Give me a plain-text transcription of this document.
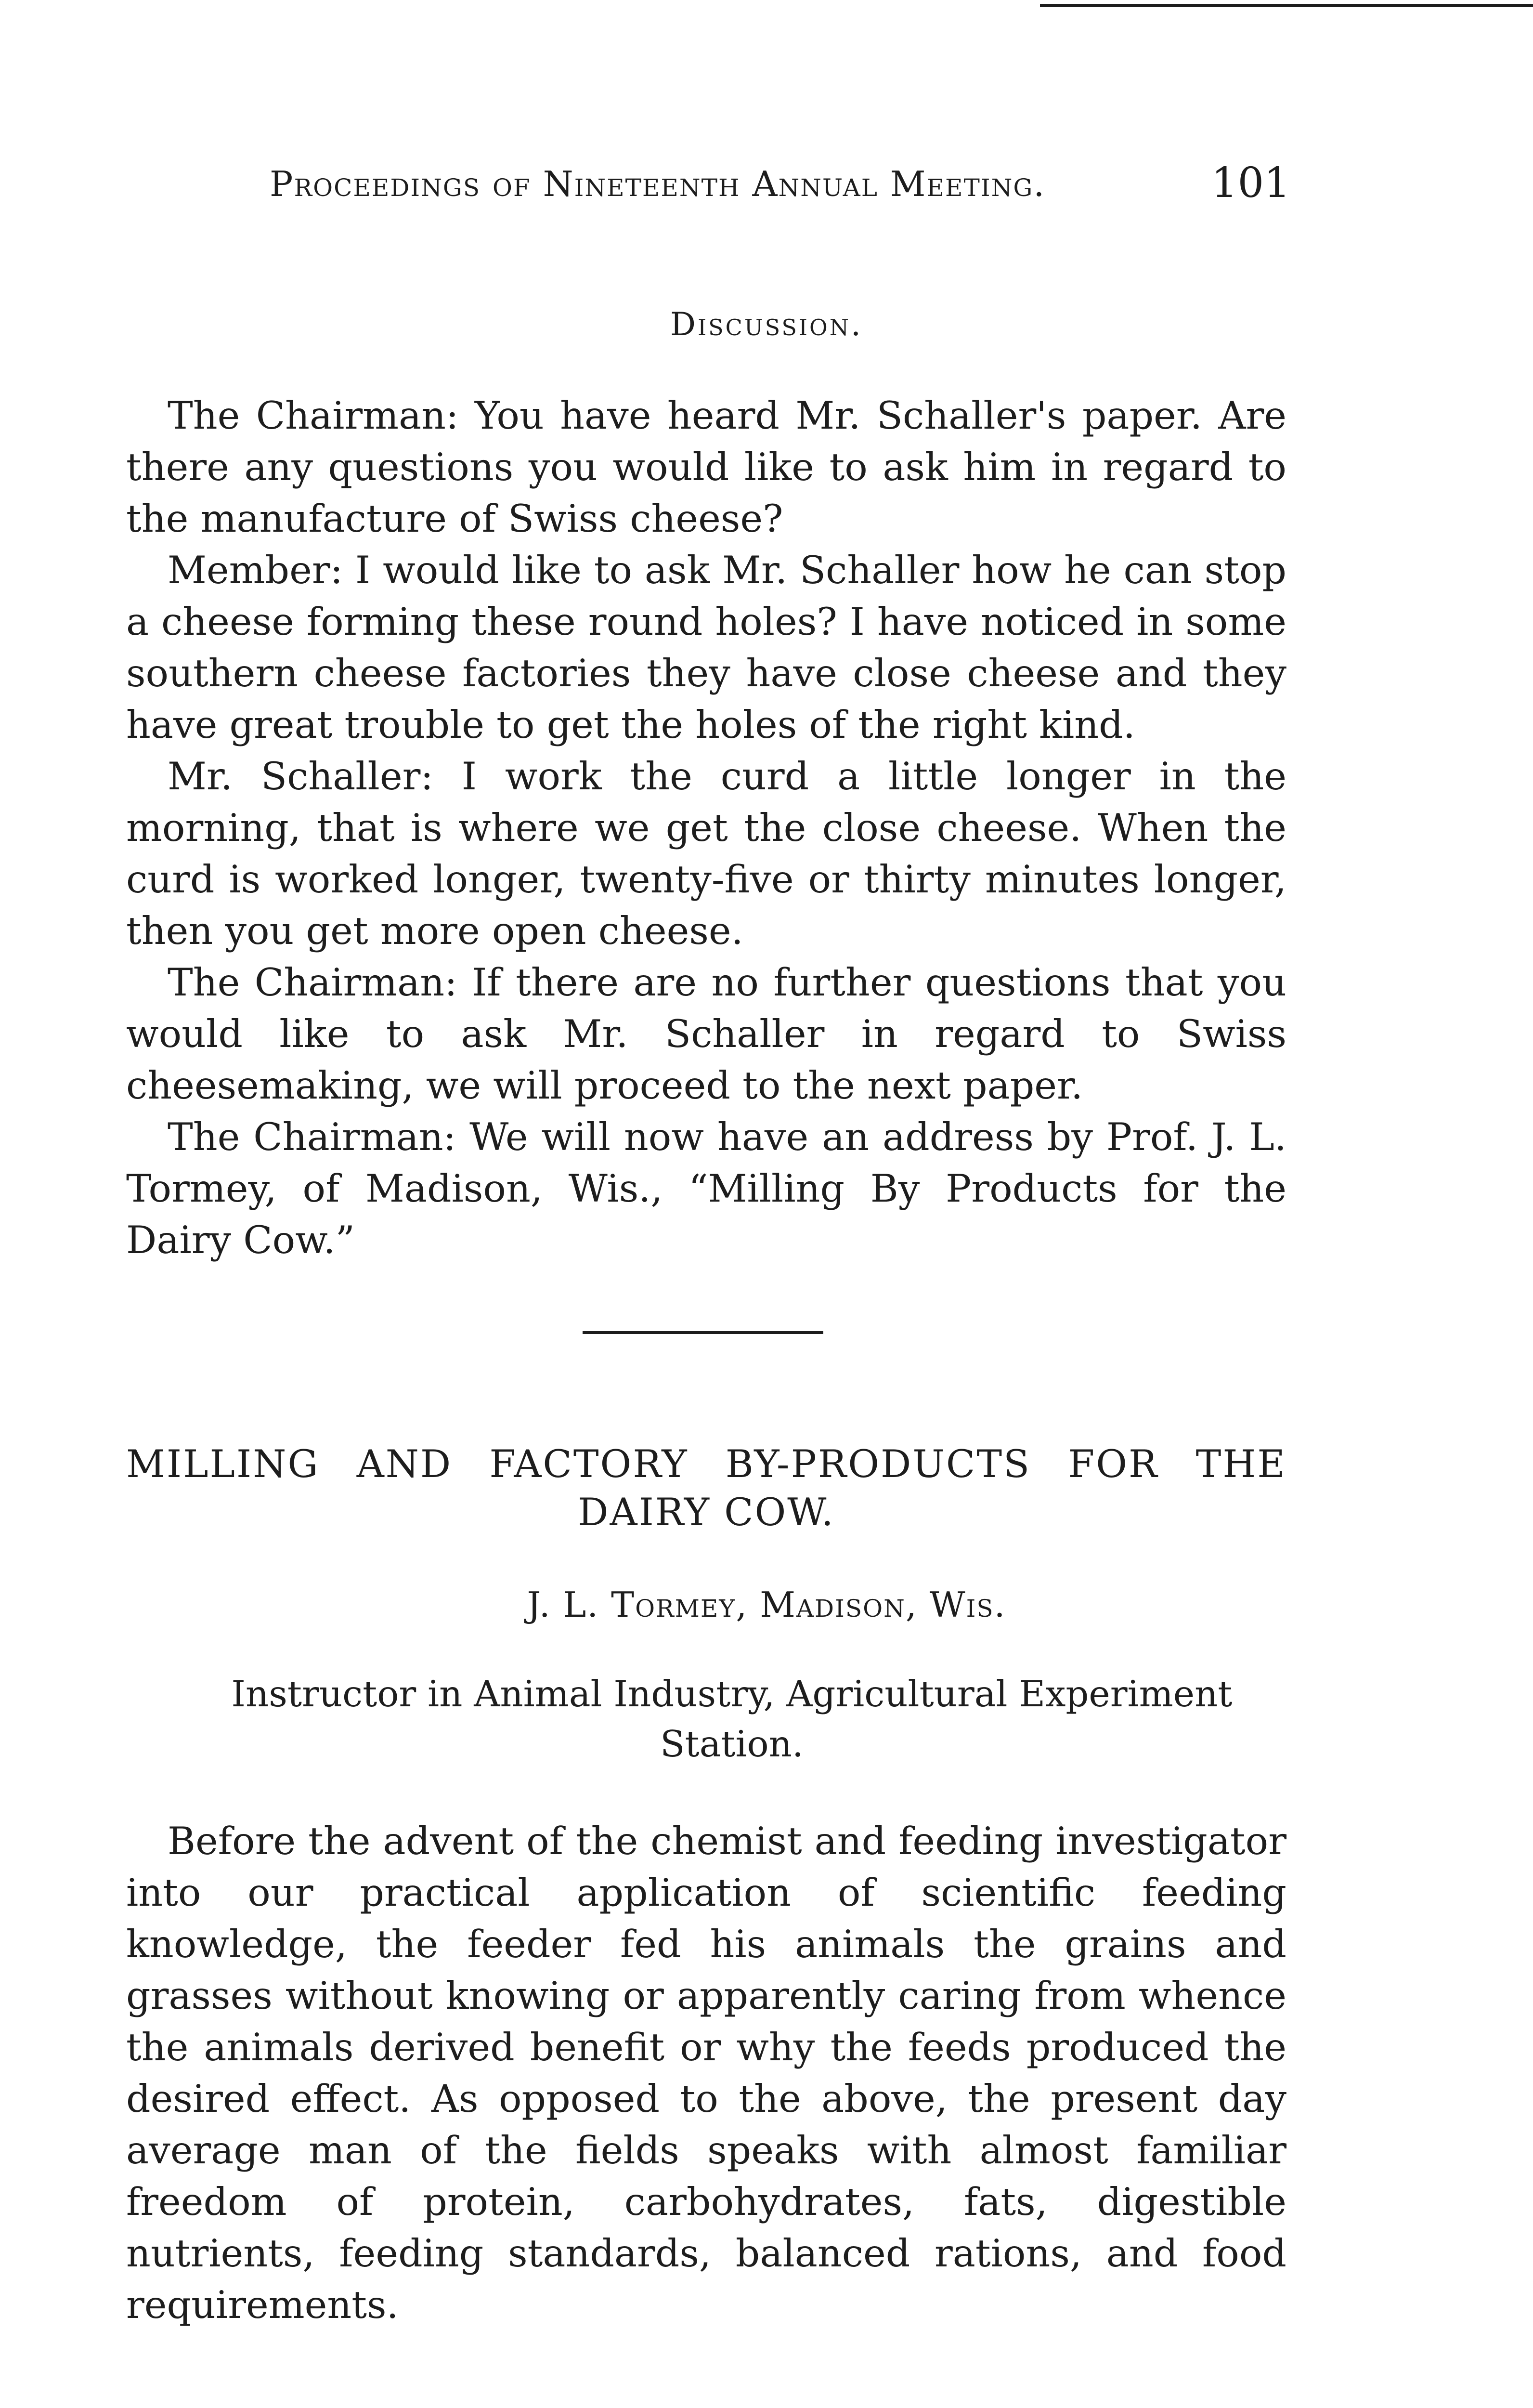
Proceedings of Nineteenth Annual Meeting.	101
Discussion.

The Chairman: You have heard Mr. Schaller's paper. Are there any questions you would like to ask him in regard to the manufacture of Swiss cheese?

Member: I would like to ask Mr. Schaller how he can stop a cheese forming these round holes? I have noticed in some southern cheese factories they have close cheese and they have great trouble to get the holes of the right kind.

Mr. Schaller: I work the curd a little longer in the morning, that is where we get the close cheese. When the curd is worked longer, twenty-five or thirty minutes longer, then you get more open cheese.

The Chairman: If there are no further questions that you would like to ask Mr. Schaller in regard to Swiss cheesemaking, we will proceed to the next paper.

The Chairman: We will now have an address by Prof. J. L. Tormey, of Madison, Wis., “Milling By Products for the Dairy Cow.”

MILLING AND FACTORY BY-PRODUCTS FOR THE
DAIRY COW.
J. L. Tormey, Madison, Wis.
Instructor in Animal Industry, Agricultural Experiment Station.

Before the advent of the chemist and feeding investigator into our practical application of scientific feeding knowledge, the feeder fed his animals the grains and grasses without knowing or apparently caring from whence the animals derived benefit or why the feeds produced the desired effect. As opposed to the above, the present day average man of the fields speaks with almost familiar freedom of protein, carbohydrates, fats, digestible nutrients, feeding standards, balanced rations, and food requirements.
